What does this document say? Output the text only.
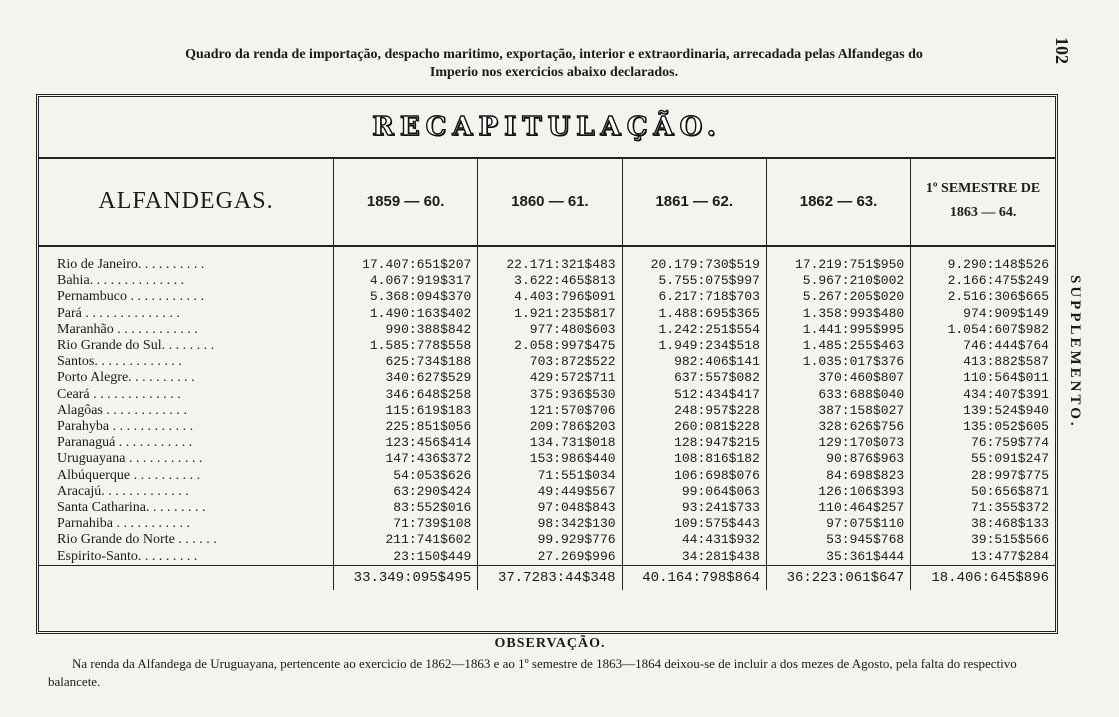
102
Quadro da renda de importação, despacho maritimo, exportação, interior e extraordinaria, arrecadada pelas Alfandegas do
Imperio nos exercicios abaixo declarados.
SUPPLEMENTO.
RECAPITULAÇÃO.
ALFANDEGAS.	1859 — 60.	1860 — 61.	1861 — 62.	1862 — 63.	1º SEMESTRE DE
1863 — 64.

Rio de Janeiro. . . . . . . . . .	17.407:651$207	22.171:321$483	20.179:730$519	17.219:751$950	9.290:148$526
Bahia. . . . . . . . . . . . . .	4.067:919$317	3.622:465$813	5.755:075$997	5.967:210$002	2.166:475$249
Pernambuco . . . . . . . . . . .	5.368:094$370	4.403:796$091	6.217:718$703	5.267:205$020	2.516:306$665
Pará . . . . . . . . . . . . . .	1.490:163$402	1.921:235$817	1.488:695$365	1.358:993$480	974:909$149
Maranhão . . . . . . . . . . . .	990:388$842	977:480$603	1.242:251$554	1.441:995$995	1.054:607$982
Rio Grande do Sul. . . . . . . .	1.585:778$558	2.058:997$475	1.949:234$518	1.485:255$463	746:444$764
Santos. . . . . . . . . . . . .	625:734$188	703:872$522	982:406$141	1.035:017$376	413:882$587
Porto Alegre. . . . . . . . . .	340:627$529	429:572$711	637:557$082	370:460$807	110:564$011
Ceará . . . . . . . . . . . . .	346:648$258	375:936$530	512:434$417	633:688$040	434:407$391
Alagôas . . . . . . . . . . . .	115:619$183	121:570$706	248:957$228	387:158$027	139:524$940
Parahyba . . . . . . . . . . . .	225:851$056	209:786$203	260:081$228	328:626$756	135:052$605
Paranaguá . . . . . . . . . . .	123:456$414	134.731$018	128:947$215	129:170$073	76:759$774
Uruguayana . . . . . . . . . . .	147:436$372	153:986$440	108:816$182	90:876$963	55:091$247
Albúquerque . . . . . . . . . .	54:053$626	71:551$034	106:698$076	84:698$823	28:997$775
Aracajú. . . . . . . . . . . . .	63:290$424	49:449$567	99:064$063	126:106$393	50:656$871
Santa Catharina. . . . . . . . .	83:552$016	97:048$843	93:241$733	110:464$257	71:355$372
Parnahiba . . . . . . . . . . .	71:739$108	98:342$130	109:575$443	97:075$110	38:468$133
Rio Grande do Norte . . . . . .	211:741$602	99.929$776	44:431$932	53:945$768	39:515$566
Espirito-Santo. . . . . . . . .	23:150$449	27.269$996	34:281$438	35:361$444	13:477$284
	33.349:095$495	37.7283:44$348	40.164:798$864	36:223:061$647	18.406:645$896
OBSERVAÇÃO.
Na renda da Alfandega de Uruguayana, pertencente ao exercicio de 1862—1863 e ao 1º semestre de 1863—1864 deixou-se de incluir a dos mezes de Agosto, pela falta do respectivo balancete.
